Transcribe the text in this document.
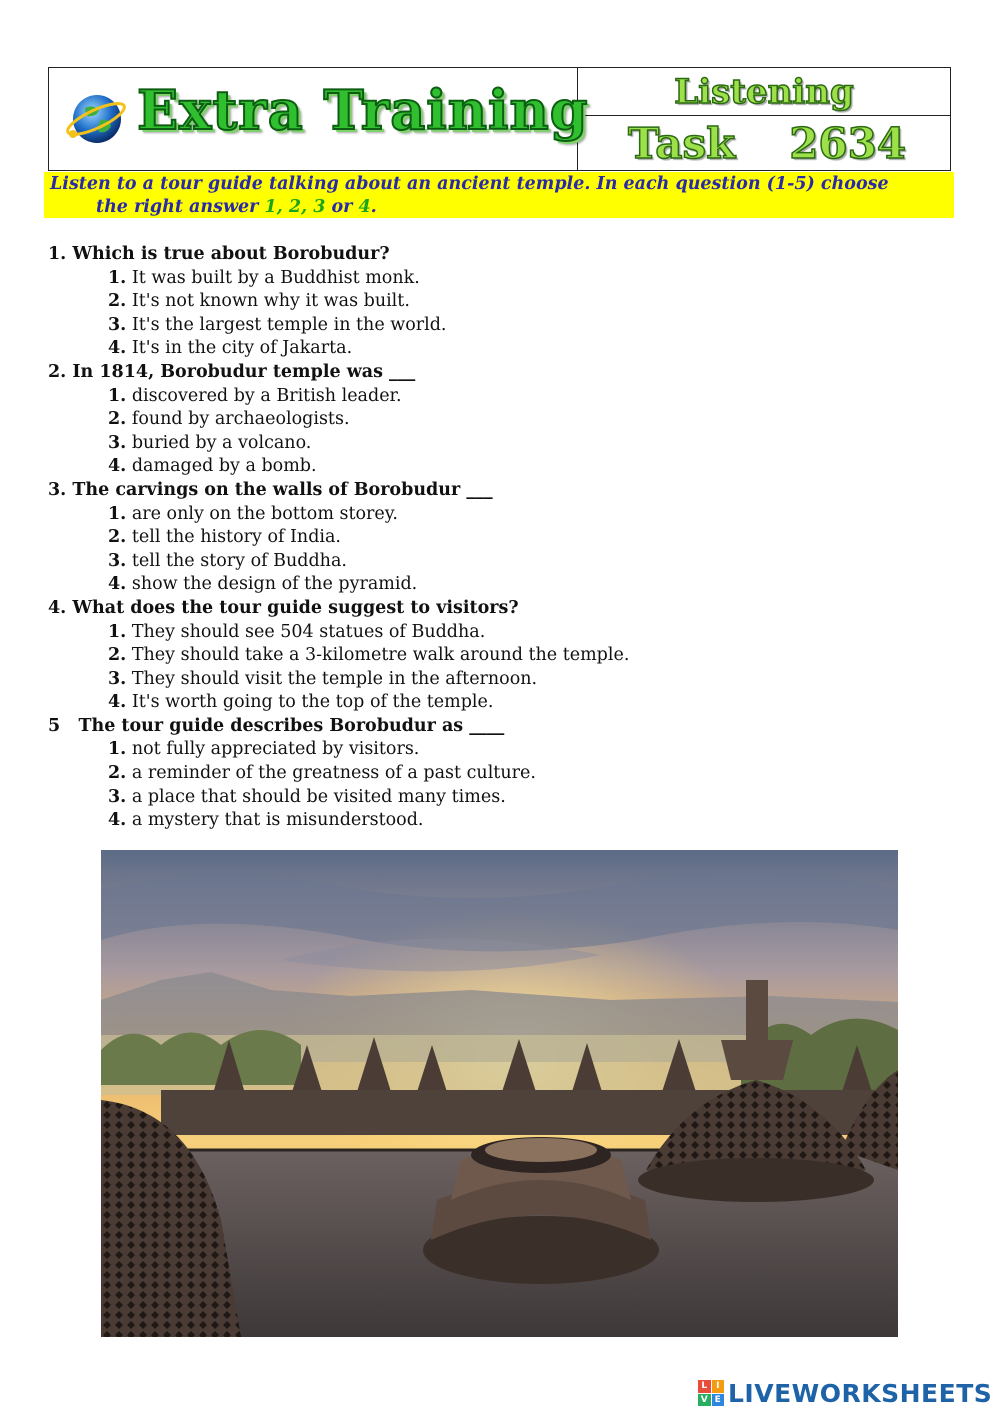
Extra Training	Listening
Task 2634
Listen to a tour guide talking about an ancient temple. In each question (1-5) choose
the right answer 1, 2, 3 or 4.
1. Which is true about Borobudur?
1. It was built by a Buddhist monk.
2. It's not known why it was built.
3. It's the largest temple in the world.
4. It's in the city of Jakarta.
2. In 1814, Borobudur temple was ___
1. discovered by a British leader.
2. found by archaeologists.
3. buried by a volcano.
4. damaged by a bomb.
3. The carvings on the walls of Borobudur ___
1. are only on the bottom storey.
2. tell the history of India.
3. tell the story of Buddha.
4. show the design of the pyramid.
4. What does the tour guide suggest to visitors?
1. They should see 504 statues of Buddha.
2. They should take a 3-kilometre walk around the temple.
3. They should visit the temple in the afternoon.
4. It's worth going to the top of the temple.
5   The tour guide describes Borobudur as ____
1. not fully appreciated by visitors.
2. a reminder of the greatness of a past culture.
3. a place that should be visited many times.
4. a mystery that is misunderstood.
L I
V E LIVEWORKSHEETS
